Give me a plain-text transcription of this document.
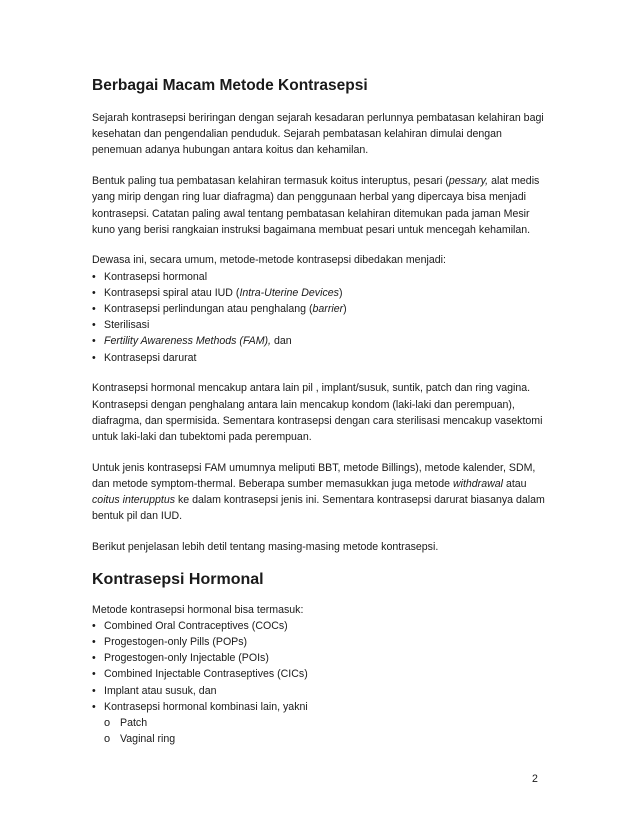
Berbagai Macam Metode Kontrasepsi

Sejarah kontrasepsi beriringan dengan sejarah kesadaran perlunnya pembatasan kelahiran bagi kesehatan dan pengendalian penduduk. Sejarah pembatasan kelahiran dimulai dengan penemuan adanya hubungan antara koitus dan kehamilan.

Bentuk paling tua pembatasan kelahiran termasuk koitus interuptus, pesari (pessary, alat medis yang mirip dengan ring luar diafragma) dan penggunaan herbal yang dipercaya bisa menjadi kontrasepsi. Catatan paling awal tentang pembatasan kelahiran ditemukan pada jaman Mesir kuno yang berisi rangkaian instruksi bagaimana membuat pesari untuk mencegah kehamilan.

Dewasa ini, secara umum, metode-metode kontrasepsi dibedakan menjadi:

• Kontrasepsi hormonal
• Kontrasepsi spiral atau IUD (Intra-Uterine Devices)
• Kontrasepsi perlindungan atau penghalang (barrier)
• Sterilisasi
• Fertility Awareness Methods (FAM), dan
• Kontrasepsi darurat

Kontrasepsi hormonal mencakup antara lain pil , implant/susuk, suntik, patch dan ring vagina. Kontrasepsi dengan penghalang antara lain mencakup kondom (laki-laki dan perempuan), diafragma, dan spermisida. Sementara kontrasepsi dengan cara sterilisasi mencakup vasektomi untuk laki-laki dan tubektomi pada perempuan.

Untuk jenis kontrasepsi FAM umumnya meliputi BBT, metode Billings), metode kalender, SDM, dan metode symptom-thermal. Beberapa sumber memasukkan juga metode withdrawal atau coitus interupptus ke dalam kontrasepsi jenis ini. Sementara kontrasepsi darurat biasanya dalam bentuk pil dan IUD.

Berikut penjelasan lebih detil tentang masing-masing metode kontrasepsi.

Kontrasepsi Hormonal

Metode kontrasepsi hormonal bisa termasuk:

• Combined Oral Contraceptives (COCs)
• Progestogen-only Pills (POPs)
• Progestogen-only Injectable (POIs)
• Combined Injectable Contraseptives (CICs)
• Implant atau susuk, dan
• Kontrasepsi hormonal kombinasi lain, yakni
o Patch
o Vaginal ring
2
